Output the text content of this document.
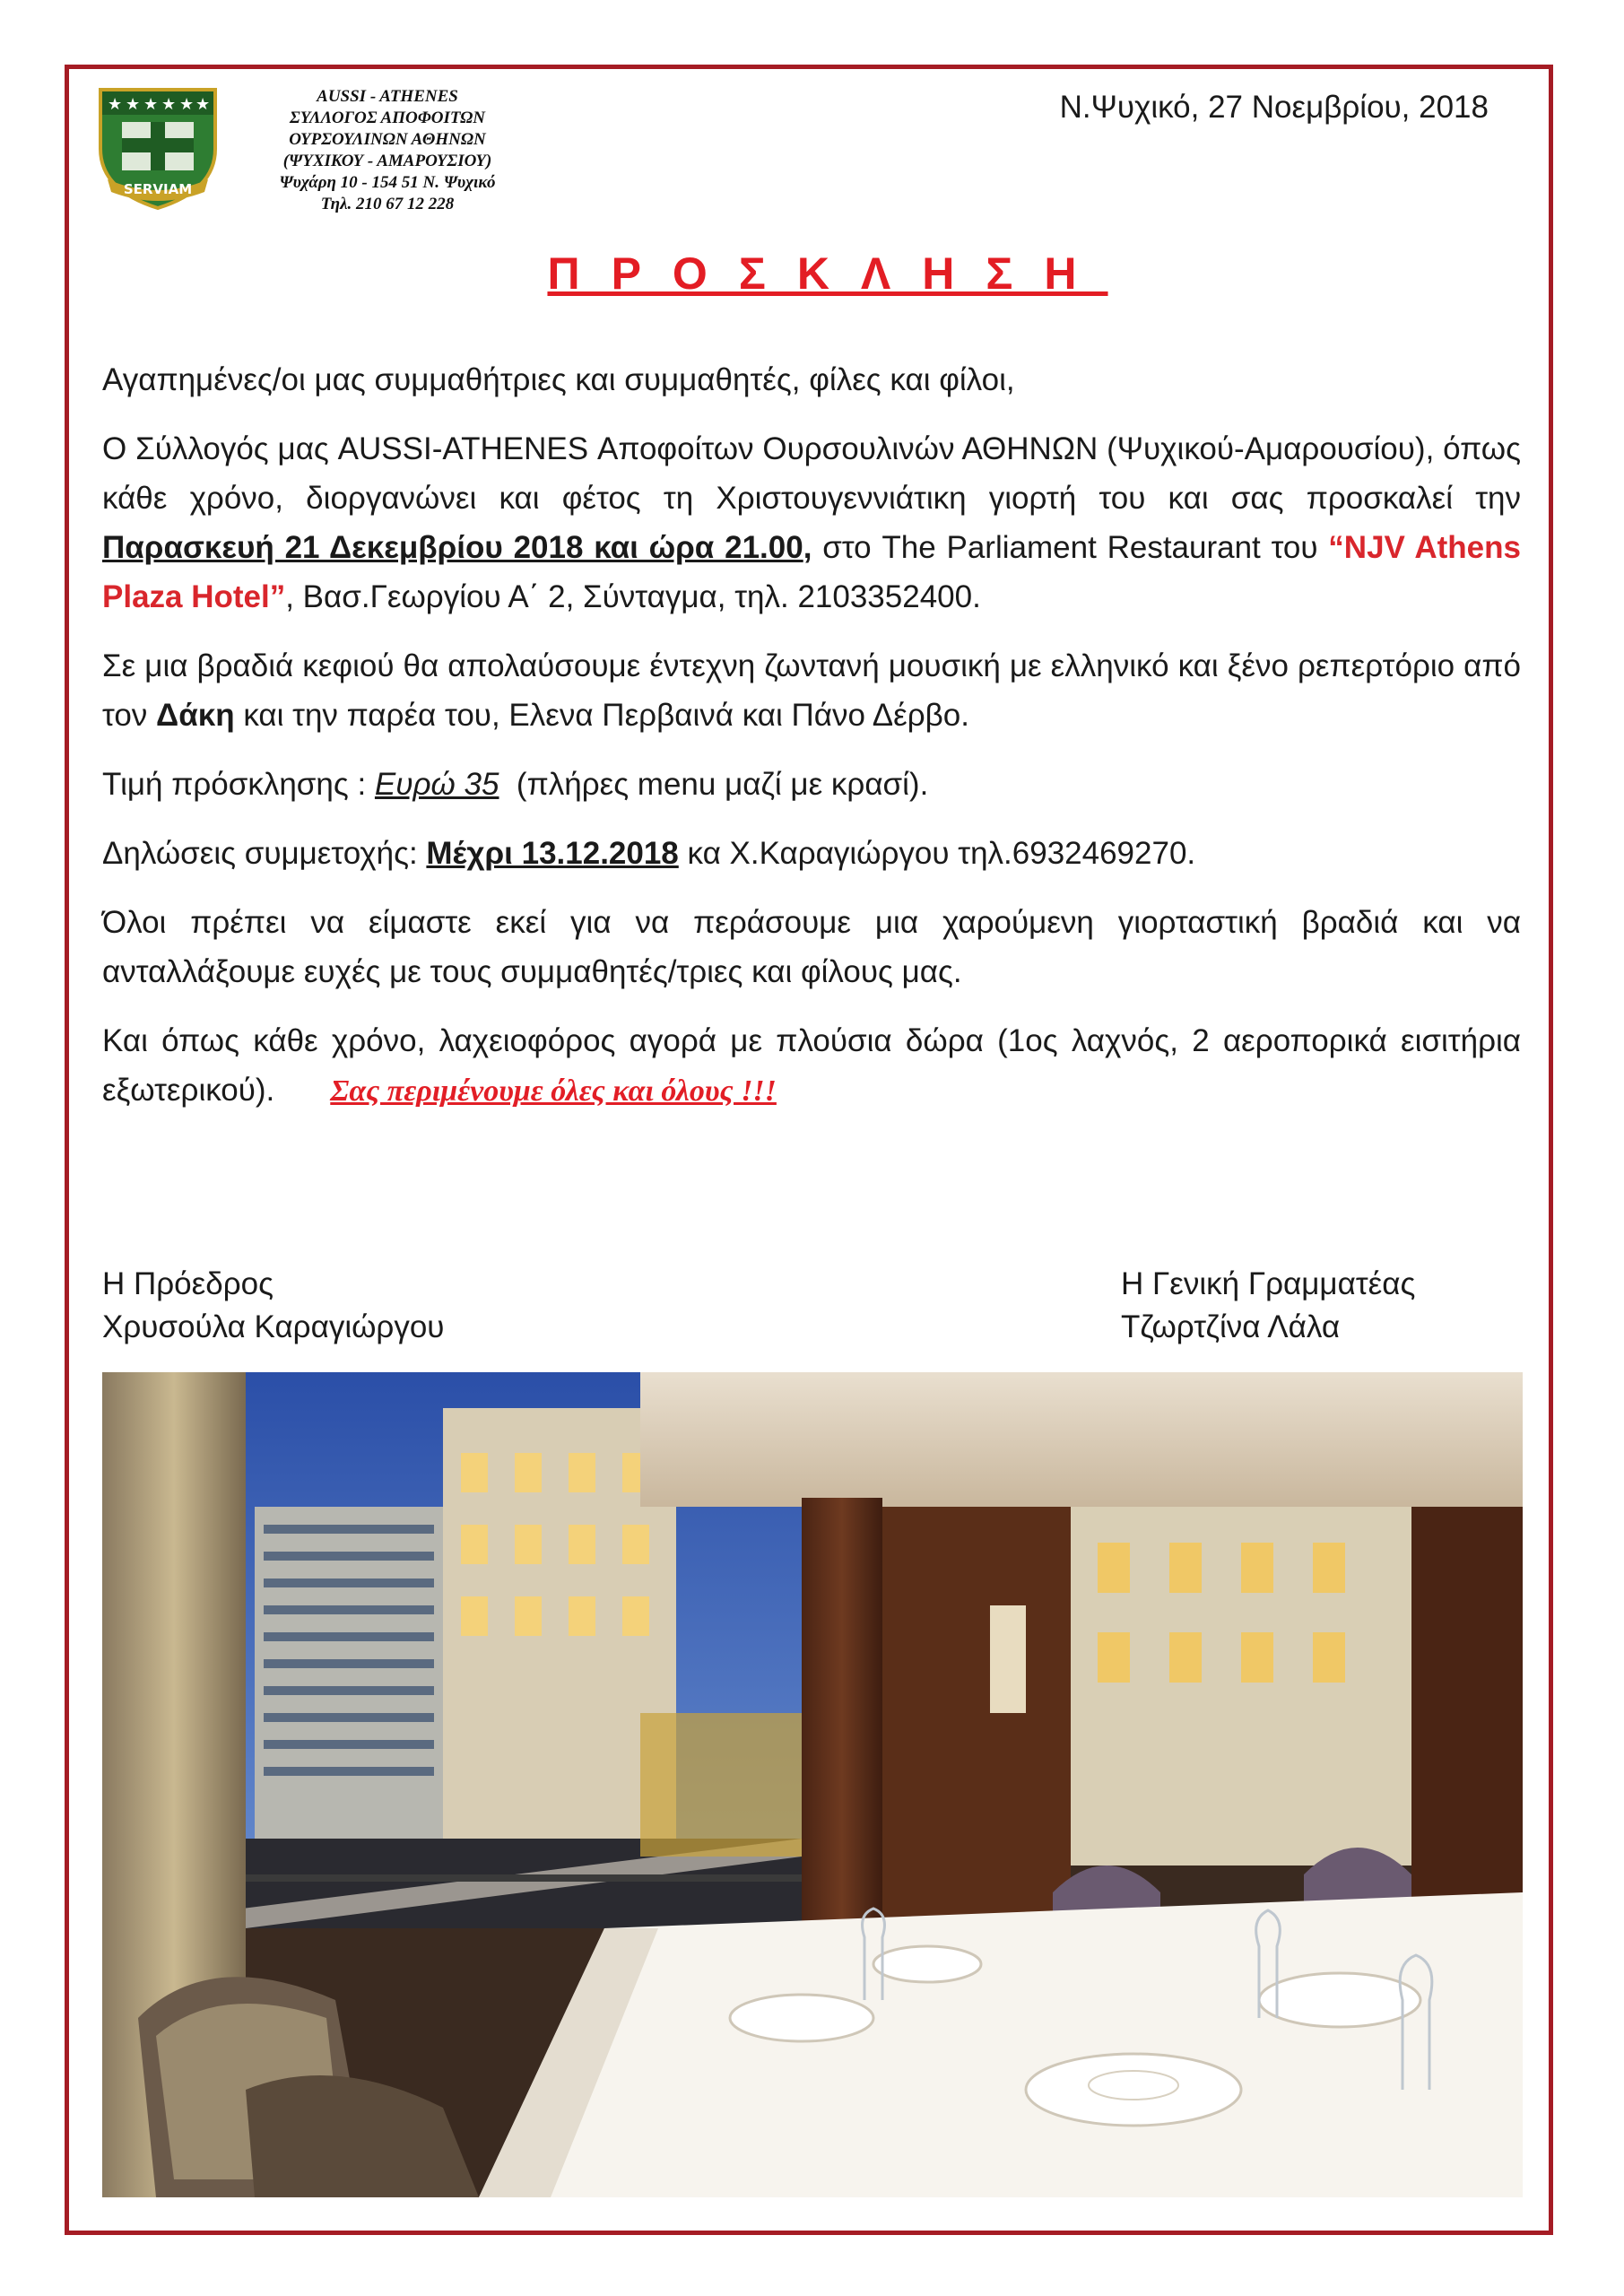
★ ★ ★ ★ ★ ★
SERVIAM
AUSSI - ATHENES
ΣΥΛΛΟΓΟΣ ΑΠΟΦΟΙΤΩΝ
ΟΥΡΣΟΥΛΙΝΩΝ ΑΘΗΝΩΝ
(ΨΥΧΙΚΟΥ - ΑΜΑΡΟΥΣΙΟΥ)
Ψυχάρη 10 - 154 51 Ν. Ψυχικό
Τηλ. 210 67 12 228
Ν.Ψυχικό, 27 Νοεμβρίου, 2018
ΠΡΟΣΚΛΗΣΗ

Αγαπημένες/οι μας συμμαθήτριες και συμμαθητές, φίλες και φίλοι,

Ο Σύλλογός μας AUSSI-ATHENES Αποφοίτων Ουρσουλινών ΑΘΗΝΩΝ (Ψυχικού-Αμαρουσίου), όπως κάθε χρόνο, διοργανώνει και φέτος τη Χριστουγεννιάτικη γιορτή του και σας προσκαλεί την Παρασκευή 21 Δεκεμβρίου 2018 και ώρα 21.00, στο The Parliament Restaurant του “NJV Athens Plaza Hotel”, Βασ.Γεωργίου Α΄ 2, Σύνταγμα, τηλ. 2103352400.

Σε μια βραδιά κεφιού θα απολαύσουμε έντεχνη ζωντανή μουσική με ελληνικό και ξένο ρεπερτόριο από τον Δάκη και την παρέα του, Ελενα Περβαινά και Πάνο Δέρβο.

Τιμή πρόσκλησης : Ευρώ 35  (πλήρες menu μαζί με κρασί).

Δηλώσεις συμμετοχής: Μέχρι 13.12.2018 κα Χ.Καραγιώργου τηλ.6932469270.

Όλοι πρέπει να είμαστε εκεί για να περάσουμε μια χαρούμενη γιορταστική βραδιά και να ανταλλάξουμε ευχές με τους συμμαθητές/τριες και φίλους μας.

Και όπως κάθε χρόνο, λαχειοφόρος αγορά με πλούσια δώρα (1ος λαχνός, 2 αεροπορικά εισιτήρια εξωτερικού). Σας περιμένουμε όλες και όλους !!!

Η Πρόεδρος
Χρυσούλα Καραγιώργου
Η Γενική Γραμματέας
Τζωρτζίνα Λάλα
